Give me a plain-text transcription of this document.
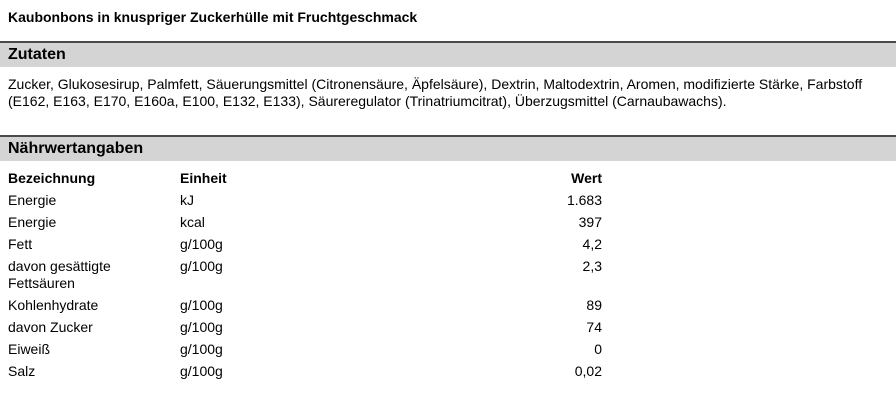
Kaubonbons in knuspriger Zuckerhülle mit Fruchtgeschmack
Zutaten
Zucker, Glukosesirup, Palmfett, Säuerungsmittel (Citronensäure, Äpfelsäure), Dextrin, Maltodextrin, Aromen, modifizierte Stärke, Farbstoff (E162, E163, E170, E160a, E100, E132, E133), Säureregulator (Trinatriumcitrat), Überzugsmittel (Carnaubawachs).
Nährwertangaben
Bezeichnung	Einheit	Wert
Energie	kJ	1.683
Energie	kcal	397
Fett	g/100g	4,2
davon gesättigte Fettsäuren	g/100g	2,3
Kohlenhydrate	g/100g	89
davon Zucker	g/100g	74
Eiweiß	g/100g	0
Salz	g/100g	0,02
